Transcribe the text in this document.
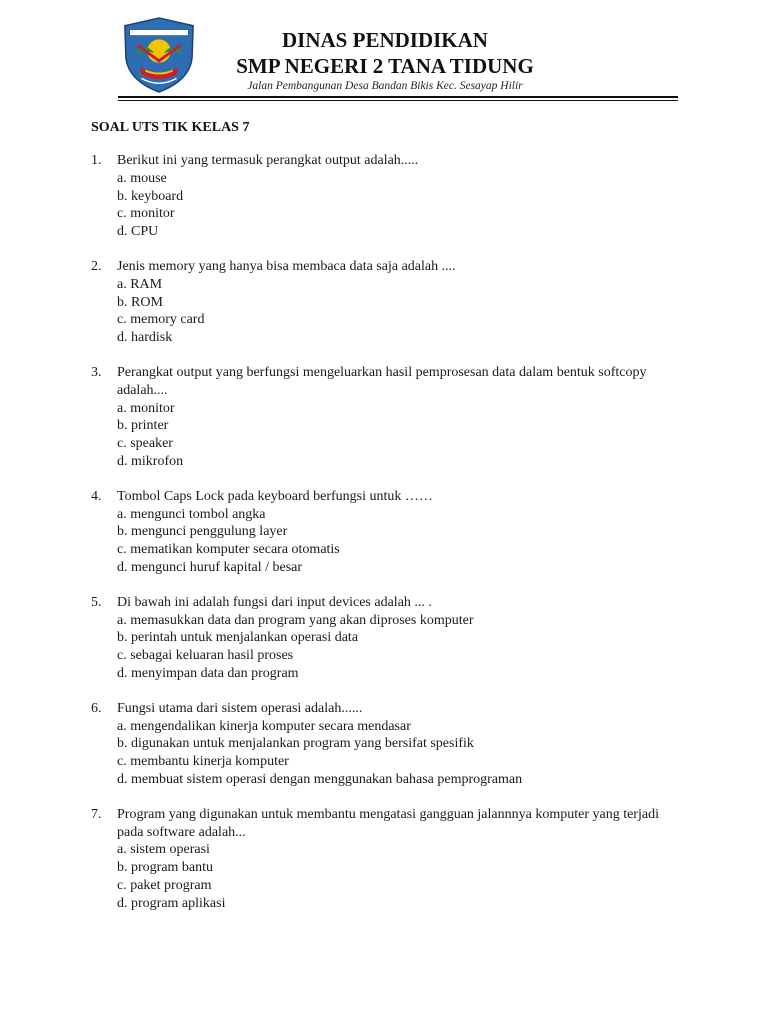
DINAS PENDIDIKAN
SMP NEGERI 2 TANA TIDUNG
Jalan Pembangunan Desa Bandan Bikis Kec. Sesayap Hilir
SOAL UTS TIK KELAS 7
1.	Berikut ini yang termasuk perangkat output adalah.....
a. mouse
b. keyboard
c. monitor
d. CPU
2.	Jenis memory yang hanya bisa membaca data saja adalah ....
a. RAM
b. ROM
c. memory card
d. hardisk
3.	Perangkat output yang berfungsi mengeluarkan hasil pemprosesan data dalam bentuk softcopy adalah....
a. monitor
b. printer
c. speaker
d. mikrofon
4.	Tombol Caps Lock pada keyboard berfungsi untuk ……
a. mengunci tombol angka
b. mengunci penggulung layer
c. mematikan komputer secara otomatis
d. mengunci huruf kapital / besar
5.	Di bawah ini adalah fungsi dari input devices adalah ... .
a. memasukkan data dan program yang akan diproses komputer
b. perintah untuk menjalankan operasi data
c. sebagai keluaran hasil proses
d. menyimpan data dan program
6.	Fungsi utama dari sistem operasi adalah......
a. mengendalikan kinerja komputer secara mendasar
b. digunakan untuk menjalankan program yang bersifat spesifik
c. membantu kinerja komputer
d. membuat sistem operasi dengan menggunakan bahasa pemprograman
7.	Program yang digunakan untuk membantu mengatasi gangguan jalannnya komputer yang terjadi pada software adalah...
a. sistem operasi
b. program bantu
c. paket program
d. program aplikasi
